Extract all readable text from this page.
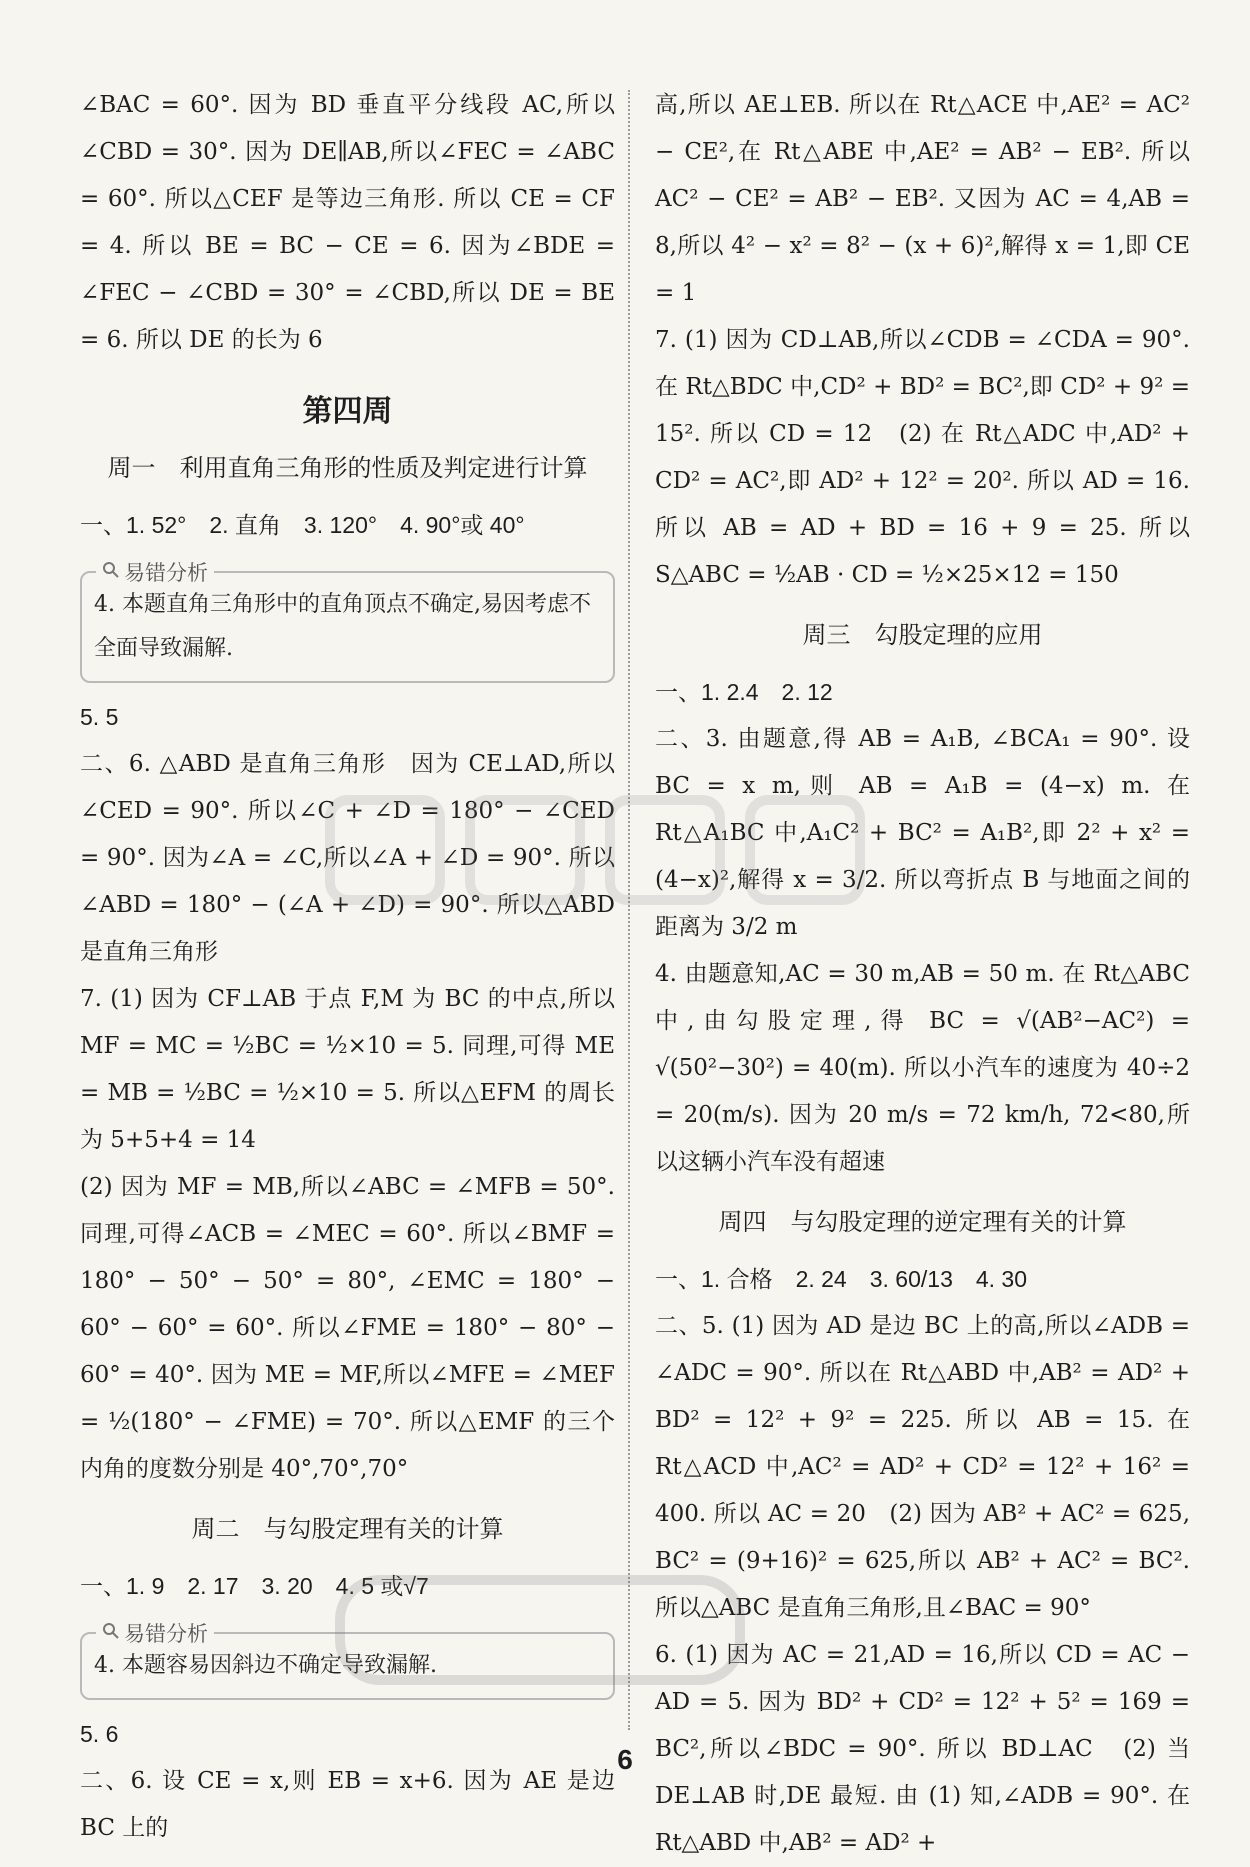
∠BAC = 60°. 因为 BD 垂直平分线段 AC,所以∠CBD = 30°. 因为 DE∥AB,所以∠FEC = ∠ABC = 60°. 所以△CEF 是等边三角形. 所以 CE = CF = 4. 所以 BE = BC − CE = 6. 因为∠BDE = ∠FEC − ∠CBD = 30° = ∠CBD,所以 DE = BE = 6. 所以 DE 的长为 6

第四周
周一　利用直角三角形的性质及判定进行计算

一、1. 52°　2. 直角　3. 120°　4. 90°或 40°

易错分析

4. 本题直角三角形中的直角顶点不确定,易因考虑不全面导致漏解.

5. 5

二、6. △ABD 是直角三角形　因为 CE⊥AD,所以∠CED = 90°. 所以∠C + ∠D = 180° − ∠CED = 90°. 因为∠A = ∠C,所以∠A + ∠D = 90°. 所以∠ABD = 180° − (∠A + ∠D) = 90°. 所以△ABD 是直角三角形

7. (1) 因为 CF⊥AB 于点 F,M 为 BC 的中点,所以 MF = MC = ½BC = ½×10 = 5. 同理,可得 ME = MB = ½BC = ½×10 = 5. 所以△EFM 的周长为 5+5+4 = 14

(2) 因为 MF = MB,所以∠ABC = ∠MFB = 50°. 同理,可得∠ACB = ∠MEC = 60°. 所以∠BMF = 180° − 50° − 50° = 80°, ∠EMC = 180° − 60° − 60° = 60°. 所以∠FME = 180° − 80° − 60° = 40°. 因为 ME = MF,所以∠MFE = ∠MEF = ½(180° − ∠FME) = 70°. 所以△EMF 的三个内角的度数分别是 40°,70°,70°

周二　与勾股定理有关的计算

一、1. 9　2. 17　3. 20　4. 5 或√7

易错分析

4. 本题容易因斜边不确定导致漏解.

5. 6

二、6. 设 CE = x,则 EB = x+6. 因为 AE 是边 BC 上的

高,所以 AE⊥EB. 所以在 Rt△ACE 中,AE² = AC² − CE²,在 Rt△ABE 中,AE² = AB² − EB². 所以 AC² − CE² = AB² − EB². 又因为 AC = 4,AB = 8,所以 4² − x² = 8² − (x + 6)²,解得 x = 1,即 CE = 1

7. (1) 因为 CD⊥AB,所以∠CDB = ∠CDA = 90°. 在 Rt△BDC 中,CD² + BD² = BC²,即 CD² + 9² = 15². 所以 CD = 12　(2) 在 Rt△ADC 中,AD² + CD² = AC²,即 AD² + 12² = 20². 所以 AD = 16. 所以 AB = AD + BD = 16 + 9 = 25. 所以 S△ABC = ½AB · CD = ½×25×12 = 150

周三　勾股定理的应用

一、1. 2.4　2. 12

二、3. 由题意,得 AB = A₁B, ∠BCA₁ = 90°. 设 BC = x m,则 AB = A₁B = (4−x) m. 在 Rt△A₁BC 中,A₁C² + BC² = A₁B²,即 2² + x² = (4−x)²,解得 x = 3/2. 所以弯折点 B 与地面之间的距离为 3/2 m

4. 由题意知,AC = 30 m,AB = 50 m. 在 Rt△ABC 中,由勾股定理,得 BC = √(AB²−AC²) = √(50²−30²) = 40(m). 所以小汽车的速度为 40÷2 = 20(m/s). 因为 20 m/s = 72 km/h, 72<80,所以这辆小汽车没有超速

周四　与勾股定理的逆定理有关的计算

一、1. 合格　2. 24　3. 60/13　4. 30

二、5. (1) 因为 AD 是边 BC 上的高,所以∠ADB = ∠ADC = 90°. 所以在 Rt△ABD 中,AB² = AD² + BD² = 12² + 9² = 225. 所以 AB = 15. 在 Rt△ACD 中,AC² = AD² + CD² = 12² + 16² = 400. 所以 AC = 20　(2) 因为 AB² + AC² = 625, BC² = (9+16)² = 625,所以 AB² + AC² = BC². 所以△ABC 是直角三角形,且∠BAC = 90°

6. (1) 因为 AC = 21,AD = 16,所以 CD = AC − AD = 5. 因为 BD² + CD² = 12² + 5² = 169 = BC²,所以∠BDC = 90°. 所以 BD⊥AC　(2) 当 DE⊥AB 时,DE 最短. 由 (1) 知,∠ADB = 90°. 在 Rt△ABD 中,AB² = AD² +

6
